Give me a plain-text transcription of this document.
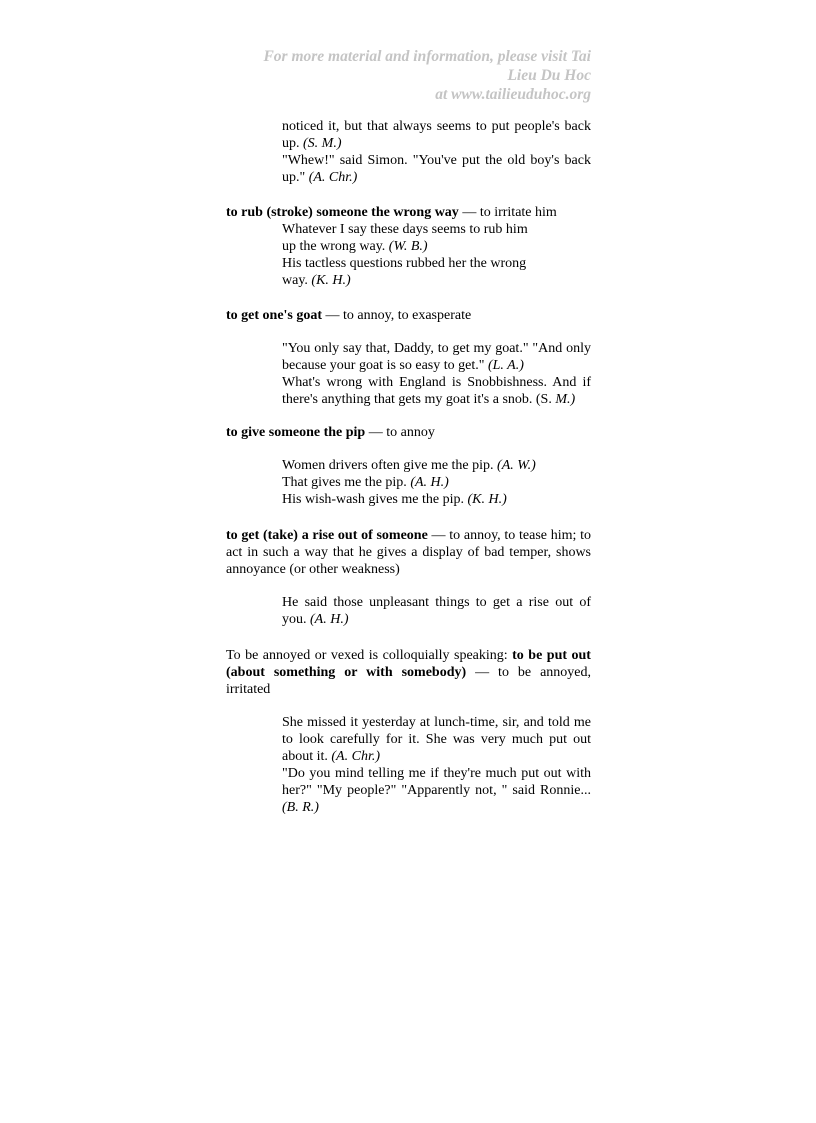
For more material and information, please visit Tai
Lieu Du Hoc
at www.tailieuduhoc.org
noticed it, but that always seems to put people's back up. (S. M.)
"Whew!" said Simon. "You've put the old boy's back up." (A. Chr.)
to rub (stroke) someone the wrong way — to irritate him
Whatever I say these days seems to rub him up the wrong way. (W. B.)
His tactless questions rubbed her the wrong way. (K. H.)
to get one's goat — to annoy, to exasperate
"You only say that, Daddy, to get my goat." "And only because your goat is so easy to get." (L. A.)
What's wrong with England is Snobbishness. And if there's anything that gets my goat it's a snob. (S. M.)
to give someone the pip — to annoy
Women drivers often give me the pip. (A. W.)
That gives me the pip. (A. H.)
His wish-wash gives me the pip. (K. H.)
to get (take) a rise out of someone — to annoy, to tease him; to act in such a way that he gives a display of bad temper, shows annoyance (or other weakness)
He said those unpleasant things to get a rise out of you. (A. H.)
To be annoyed or vexed is colloquially speaking: to be put out (about something or with somebody) — to be annoyed, irritated
She missed it yesterday at lunch-time, sir, and told me to look carefully for it. She was very much put out about it. (A. Chr.)
"Do you mind telling me if they're much put out with her?" "My people?" "Apparently not, " said Ronnie... (B. R.)
